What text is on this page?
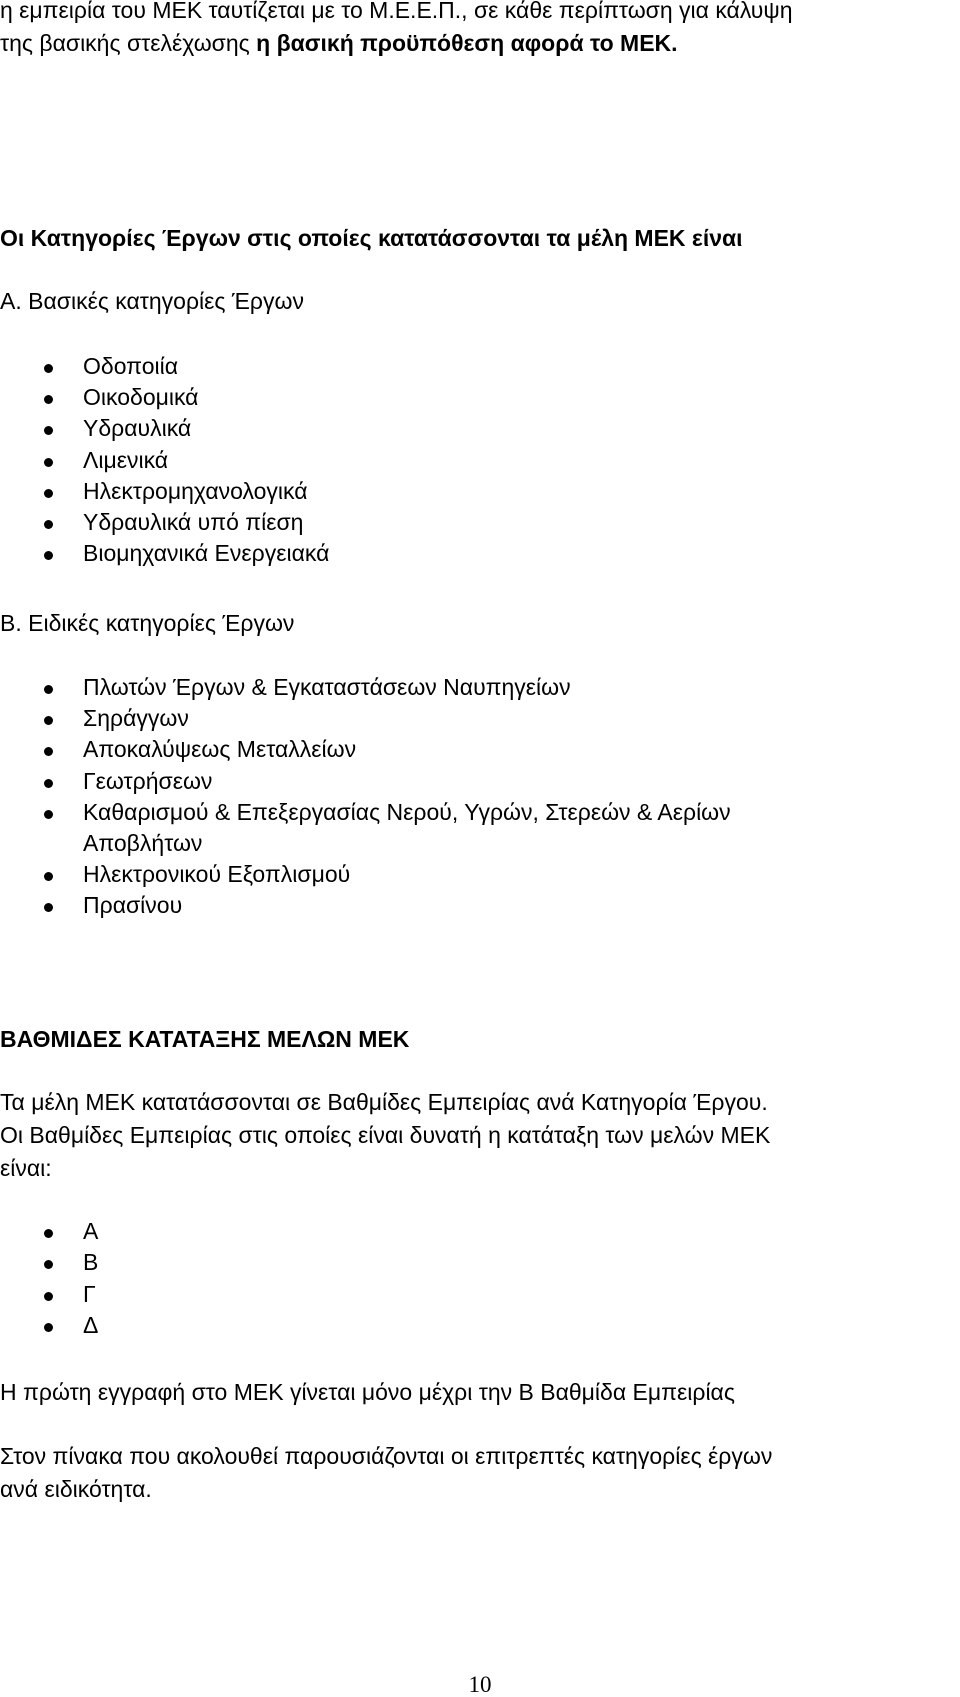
η εμπειρία του ΜΕΚ ταυτίζεται με το Μ.Ε.Ε.Π., σε κάθε περίπτωση για κάλυψη

της βασικής στελέχωσης η βασική προϋπόθεση αφορά το ΜΕΚ.

Οι Κατηγορίες Έργων στις οποίες κατατάσσονται τα μέλη ΜΕΚ είναι

Α. Βασικές κατηγορίες Έργων

Οδοποιία
Οικοδομικά
Υδραυλικά
Λιμενικά
Ηλεκτρομηχανολογικά
Υδραυλικά υπό πίεση
Βιομηχανικά Ενεργειακά

Β. Ειδικές κατηγορίες Έργων

Πλωτών Έργων & Εγκαταστάσεων Ναυπηγείων
Σηράγγων
Αποκαλύψεως Μεταλλείων
Γεωτρήσεων
Καθαρισμού & Επεξεργασίας Νερού, Υγρών, Στερεών & Αερίων
Αποβλήτων
Ηλεκτρονικού Εξοπλισμού
Πρασίνου

ΒΑΘΜΙΔΕΣ ΚΑΤΑΤΑΞΗΣ ΜΕΛΩΝ ΜΕΚ

Τα μέλη ΜΕΚ κατατάσσονται σε Βαθμίδες Εμπειρίας ανά Κατηγορία Έργου.

Οι Βαθμίδες Εμπειρίας στις οποίες είναι δυνατή η κατάταξη των μελών ΜΕΚ

είναι:

Α
Β
Γ
Δ

Η πρώτη εγγραφή στο ΜΕΚ γίνεται μόνο μέχρι την Β Βαθμίδα Εμπειρίας

Στον πίνακα που ακολουθεί παρουσιάζονται οι επιτρεπτές κατηγορίες έργων

ανά ειδικότητα.

10
